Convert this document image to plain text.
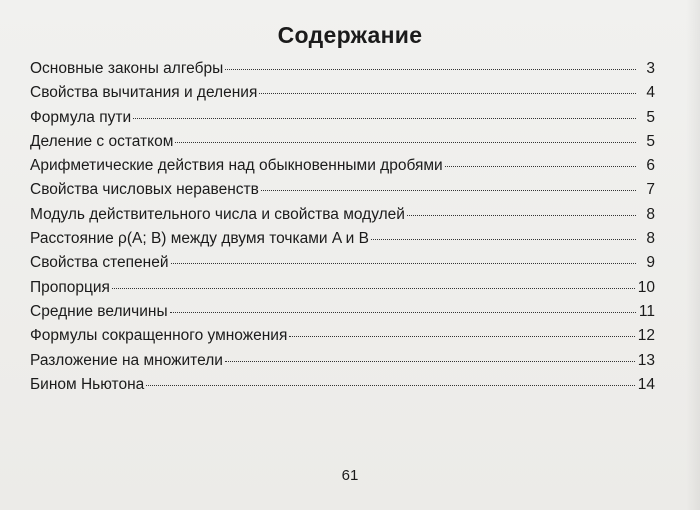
Содержание
Основные законы алгебры	3
Свойства вычитания и деления	4
Формула пути	5
Деление с остатком	5
Арифметические действия над обыкновенными дробями	6
Свойства числовых неравенств	7
Модуль действительного числа и свойства модулей	8
Расстояние ρ(A; B) между двумя точками A и B	8
Свойства степеней	9
Пропорция	10
Средние величины	11
Формулы сокращенного умножения	12
Разложение на множители	13
Бином Ньютона	14
61
